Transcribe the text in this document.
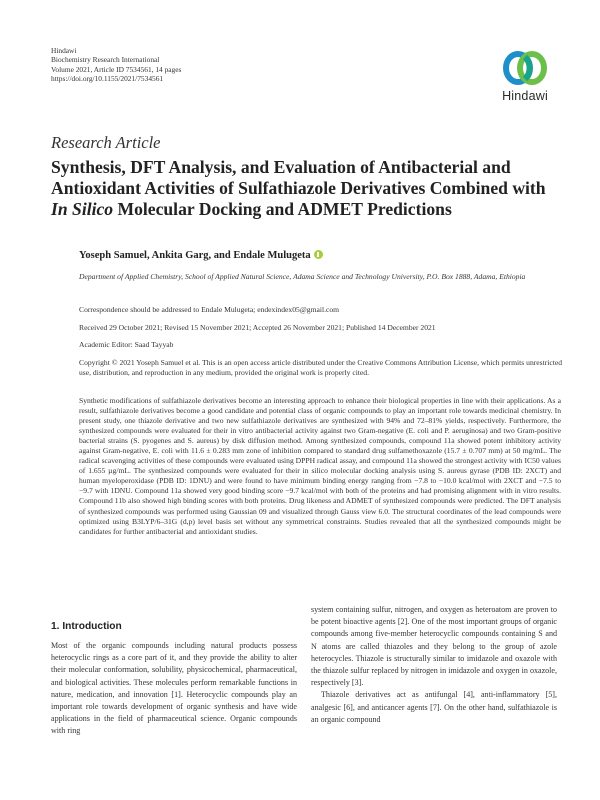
Hindawi
Biochemistry Research International
Volume 2021, Article ID 7534561, 14 pages
https://doi.org/10.1155/2021/7534561
Hindawi
Research Article
Synthesis, DFT Analysis, and Evaluation of Antibacterial and
Antioxidant Activities of Sulfathiazole Derivatives Combined with
In Silico Molecular Docking and ADMET Predictions
Yoseph Samuel, Ankita Garg, and Endale Mulugeta
Department of Applied Chemistry, School of Applied Natural Science, Adama Science and Technology University, P.O. Box 1888, Adama, Ethiopia
Correspondence should be addressed to Endale Mulugeta; endexindex05@gmail.com
Received 29 October 2021; Revised 15 November 2021; Accepted 26 November 2021; Published 14 December 2021
Academic Editor: Saad Tayyab
Copyright © 2021 Yoseph Samuel et al. This is an open access article distributed under the Creative Commons Attribution License, which permits unrestricted use, distribution, and reproduction in any medium, provided the original work is properly cited.
Synthetic modifications of sulfathiazole derivatives become an interesting approach to enhance their biological properties in line with their applications. As a result, sulfathiazole derivatives become a good candidate and potential class of organic compounds to play an important role towards medicinal chemistry. In present study, one thiazole derivative and two new sulfathiazole derivatives are synthesized with 94% and 72–81% yields, respectively. Furthermore, the synthesized compounds were evaluated for their in vitro antibacterial activity against two Gram-negative (E. coli and P. aeruginosa) and two Gram-positive bacterial strains (S. pyogenes and S. aureus) by disk diffusion method. Among synthesized compounds, compound 11a showed potent inhibitory activity against Gram-negative, E. coli with 11.6 ± 0.283 mm zone of inhibition compared to standard drug sulfamethoxazole (15.7 ± 0.707 mm) at 50 mg/mL. The radical scavenging activities of these compounds were evaluated using DPPH radical assay, and compound 11a showed the strongest activity with IC50 values of 1.655 µg/mL. The synthesized compounds were evaluated for their in silico molecular docking analysis using S. aureus gyrase (PDB ID: 2XCT) and human myeloperoxidase (PDB ID: 1DNU) and were found to have minimum binding energy ranging from −7.8 to −10.0 kcal/mol with 2XCT and −7.5 to −9.7 with 1DNU. Compound 11a showed very good binding score −9.7 kcal/mol with both of the proteins and had promising alignment with in vitro results. Compound 11b also showed high binding scores with both proteins. Drug likeness and ADMET of synthesized compounds were predicted. The DFT analysis of synthesized compounds was performed using Gaussian 09 and visualized through Gauss view 6.0. The structural coordinates of the lead compounds were optimized using B3LYP/6–31G (d,p) level basis set without any symmetrical constraints. Studies revealed that all the synthesized compounds might be candidates for further antibacterial and antioxidant studies.
1. Introduction

Most of the organic compounds including natural products possess heterocyclic rings as a core part of it, and they provide the ability to alter their molecular conformation, solubility, physicochemical, pharmaceutical, and biological activities. These molecules perform remarkable functions in nature, medication, and innovation [1]. Heterocyclic compounds play an important role towards development of organic synthesis and have wide applications in the field of pharmaceutical science. Organic compounds with ring

system containing sulfur, nitrogen, and oxygen as heteroatom are proven to be potent bioactive agents [2]. One of the most important groups of organic compounds among five-member heterocyclic compounds containing S and N atoms are called thiazoles and they belong to the group of azole heterocycles. Thiazole is structurally similar to imidazole and oxazole with the thiazole sulfur replaced by nitrogen in imidazole and oxygen in oxazole, respectively [3].

Thiazole derivatives act as antifungal [4], anti-inflammatory [5], analgesic [6], and anticancer agents [7]. On the other hand, sulfathiazole is an organic compound
